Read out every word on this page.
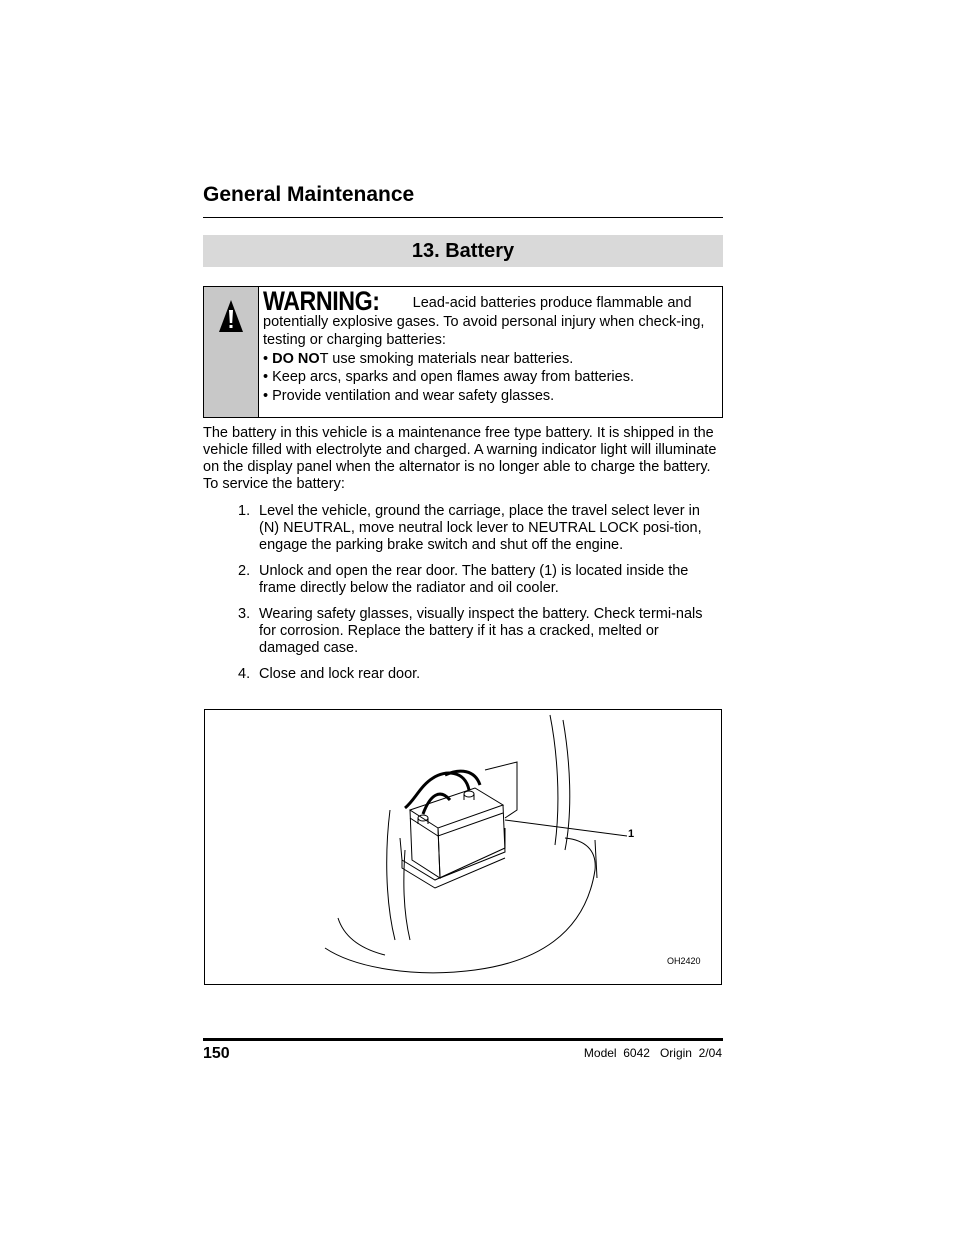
General Maintenance
13. Battery
WARNING: Lead-acid batteries produce flammable and potentially explosive gases. To avoid personal injury when check-ing, testing or charging batteries:
• DO NOT use smoking materials near batteries.
• Keep arcs, sparks and open flames away from batteries.
• Provide ventilation and wear safety glasses.

The battery in this vehicle is a maintenance free type battery. It is shipped in the vehicle filled with electrolyte and charged. A warning indicator light will illuminate on the display panel when the alternator is no longer able to charge the battery. To service the battery:

1. Level the vehicle, ground the carriage, place the travel select lever in (N) NEUTRAL, move neutral lock lever to NEUTRAL LOCK posi-tion, engage the parking brake switch and shut off the engine.
2. Unlock and open the rear door. The battery (1) is located inside the frame directly below the radiator and oil cooler.
3. Wearing safety glasses, visually inspect the battery. Check termi-nals for corrosion. Replace the battery if it has a cracked, melted or damaged case.
4. Close and lock rear door.
1
OH2420
150	Model  6042   Origin  2/04
